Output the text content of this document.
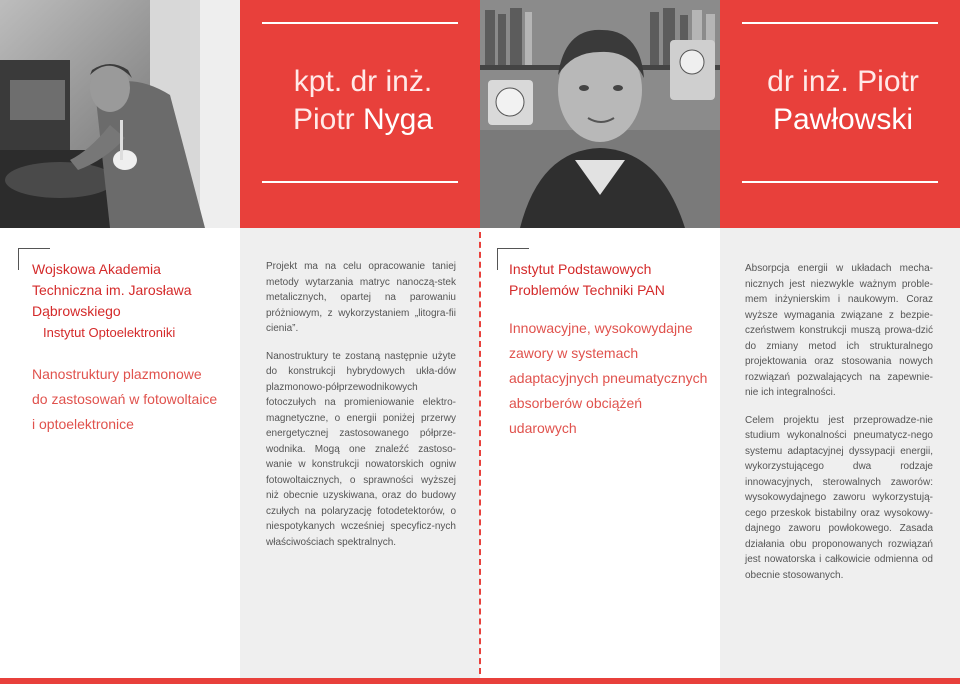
kpt. dr inż.
Piotr Nyga
dr inż. Piotr
Pawłowski
Wojskowa Akademia
Techniczna im. Jarosława
Dąbrowskiego
Instytut Optoelektroniki
Nanostruktury plazmonowe
do zastosowań w fotowoltaice
i optoelektronice

Projekt ma na celu opracowanie taniej metody wytarzania matryc nanoczą-stek metalicznych, opartej na parowaniu próżniowym, z wykorzystaniem „litogra-fii cienia”.

Nanostruktury te zostaną następnie użyte do konstrukcji hybrydowych ukła-dów plazmonowo-półprzewodnikowych fotoczułych na promieniowanie elektro-magnetyczne, o energii poniżej przerwy energetycznej zastosowanego półprze-wodnika. Mogą one znaleźć zastoso-wanie w konstrukcji nowatorskich ogniw fotowoltaicznych, o sprawności wyższej niż obecnie uzyskiwana, oraz do budowy czułych na polaryzację fotodetektorów, o niespotykanych wcześniej specyficz-nych właściwościach spektralnych.

Instytut Podstawowych
Problemów Techniki PAN
Innowacyjne, wysokowydajne
zawory w systemach
adaptacyjnych pneumatycznych
absorberów obciążeń
udarowych

Absorpcja energii w układach mecha-nicznych jest niezwykle ważnym proble-mem inżynierskim i naukowym. Coraz wyższe wymagania związane z bezpie-czeństwem konstrukcji muszą prowa-dzić do zmiany metod ich strukturalnego projektowania oraz stosowania nowych rozwiązań pozwalających na zapewnie-nie ich integralności.

Celem projektu jest przeprowadze-nie studium wykonalności pneumatycz-nego systemu adaptacyjnej dyssypacji energii, wykorzystującego dwa rodzaje innowacyjnych, sterowalnych zaworów: wysokowydajnego zaworu wykorzystują-cego przeskok bistabilny oraz wysokowy-dajnego zaworu powłokowego. Zasada działania obu proponowanych rozwiązań jest nowatorska i całkowicie odmienna od obecnie stosowanych.
